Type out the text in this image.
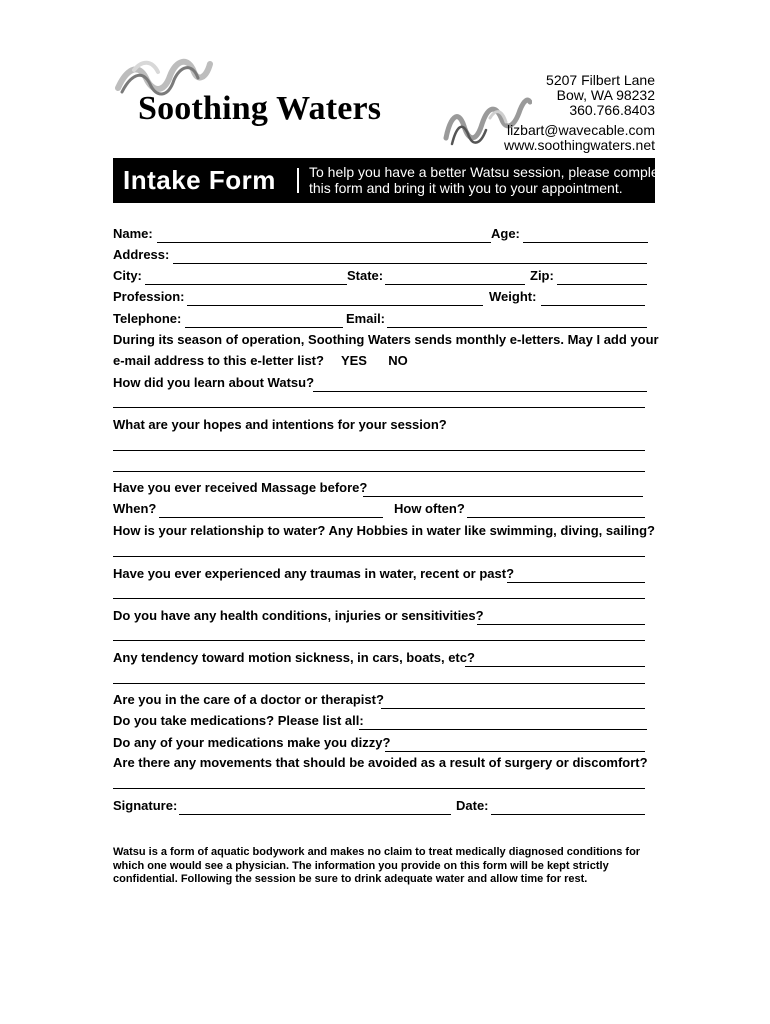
Soothing Waters
5207 Filbert Lane
Bow, WA 98232
360.766.8403
lizbart@wavecable.com
www.soothingwaters.net
Intake Form To help you have a better Watsu session, please complete
this form and bring it with you to your appointment.
Name:	Age:
Address:
City:	State:	Zip:
Profession:	Weight:
Telephone:	Email:
During its season of operation, Soothing Waters sends monthly e-letters. May I add your
e-mail address to this e-letter list? YES NO
How did you learn about Watsu?
What are your hopes and intentions for your session?
Have you ever received Massage before?
When?	How often?
How is your relationship to water? Any Hobbies in water like swimming, diving, sailing?
Have you ever experienced any traumas in water, recent or past?
Do you have any health conditions, injuries or sensitivities?
Any tendency toward motion sickness, in cars, boats, etc?
Are you in the care of a doctor or therapist?
Do you take medications? Please list all:
Do any of your medications make you dizzy?
Are there any movements that should be avoided as a result of surgery or discomfort?
Signature:	Date:
Watsu is a form of aquatic bodywork and makes no claim to treat medically diagnosed conditions for
which one would see a physician. The information you provide on this form will be kept strictly
confidential. Following the session be sure to drink adequate water and allow time for rest.
